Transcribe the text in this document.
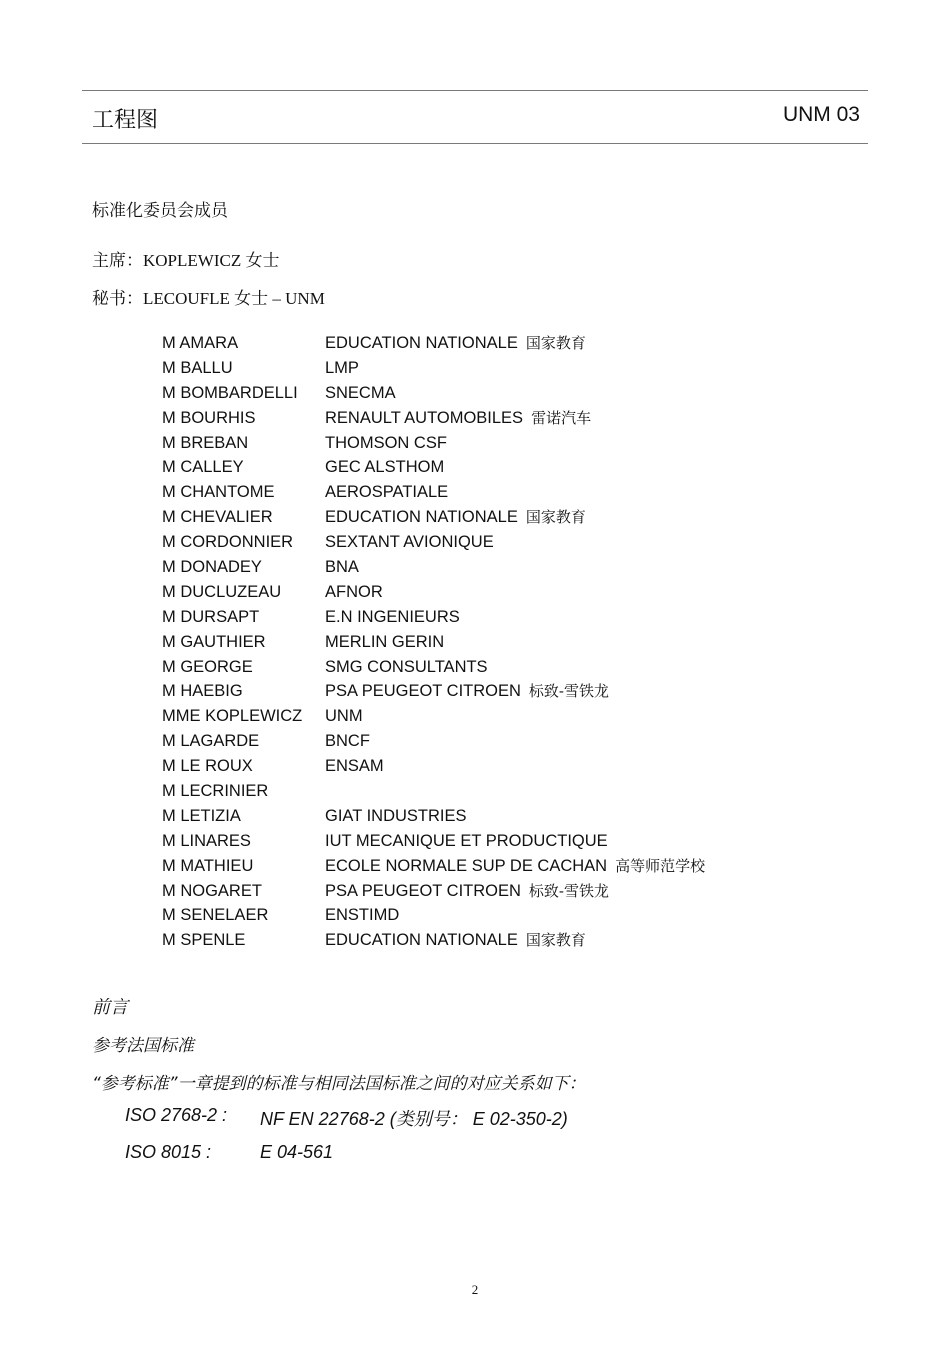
工程图	UNM 03
标准化委员会成员
主席：KOPLEWICZ 女士
秘书：LECOUFLE 女士 – UNM
M AMARA	EDUCATION NATIONALE 国家教育
M BALLU	LMP
M BOMBARDELLI	SNECMA
M BOURHIS	RENAULT AUTOMOBILES 雷诺汽车
M BREBAN	THOMSON CSF
M CALLEY	GEC ALSTHOM
M CHANTOME	AEROSPATIALE
M CHEVALIER	EDUCATION NATIONALE 国家教育
M CORDONNIER	SEXTANT AVIONIQUE
M DONADEY	BNA
M DUCLUZEAU	AFNOR
M DURSAPT	E.N INGENIEURS
M GAUTHIER	MERLIN GERIN
M GEORGE	SMG CONSULTANTS
M HAEBIG	PSA PEUGEOT CITROEN 标致-雪铁龙
MME KOPLEWICZ	UNM
M LAGARDE	BNCF
M LE ROUX	ENSAM
M LECRINIER
M LETIZIA	GIAT INDUSTRIES
M LINARES	IUT MECANIQUE ET PRODUCTIQUE
M MATHIEU	ECOLE NORMALE SUP DE CACHAN 高等师范学校
M NOGARET	PSA PEUGEOT CITROEN 标致-雪铁龙
M SENELAER	ENSTIMD
M SPENLE	EDUCATION NATIONALE 国家教育
前言
参考法国标准
“参考标准”一章提到的标准与相同法国标准之间的对应关系如下：
ISO 2768-2 : NF EN 22768-2 (类别号： E 02-350-2)
ISO 8015 :	E 04-561
2
